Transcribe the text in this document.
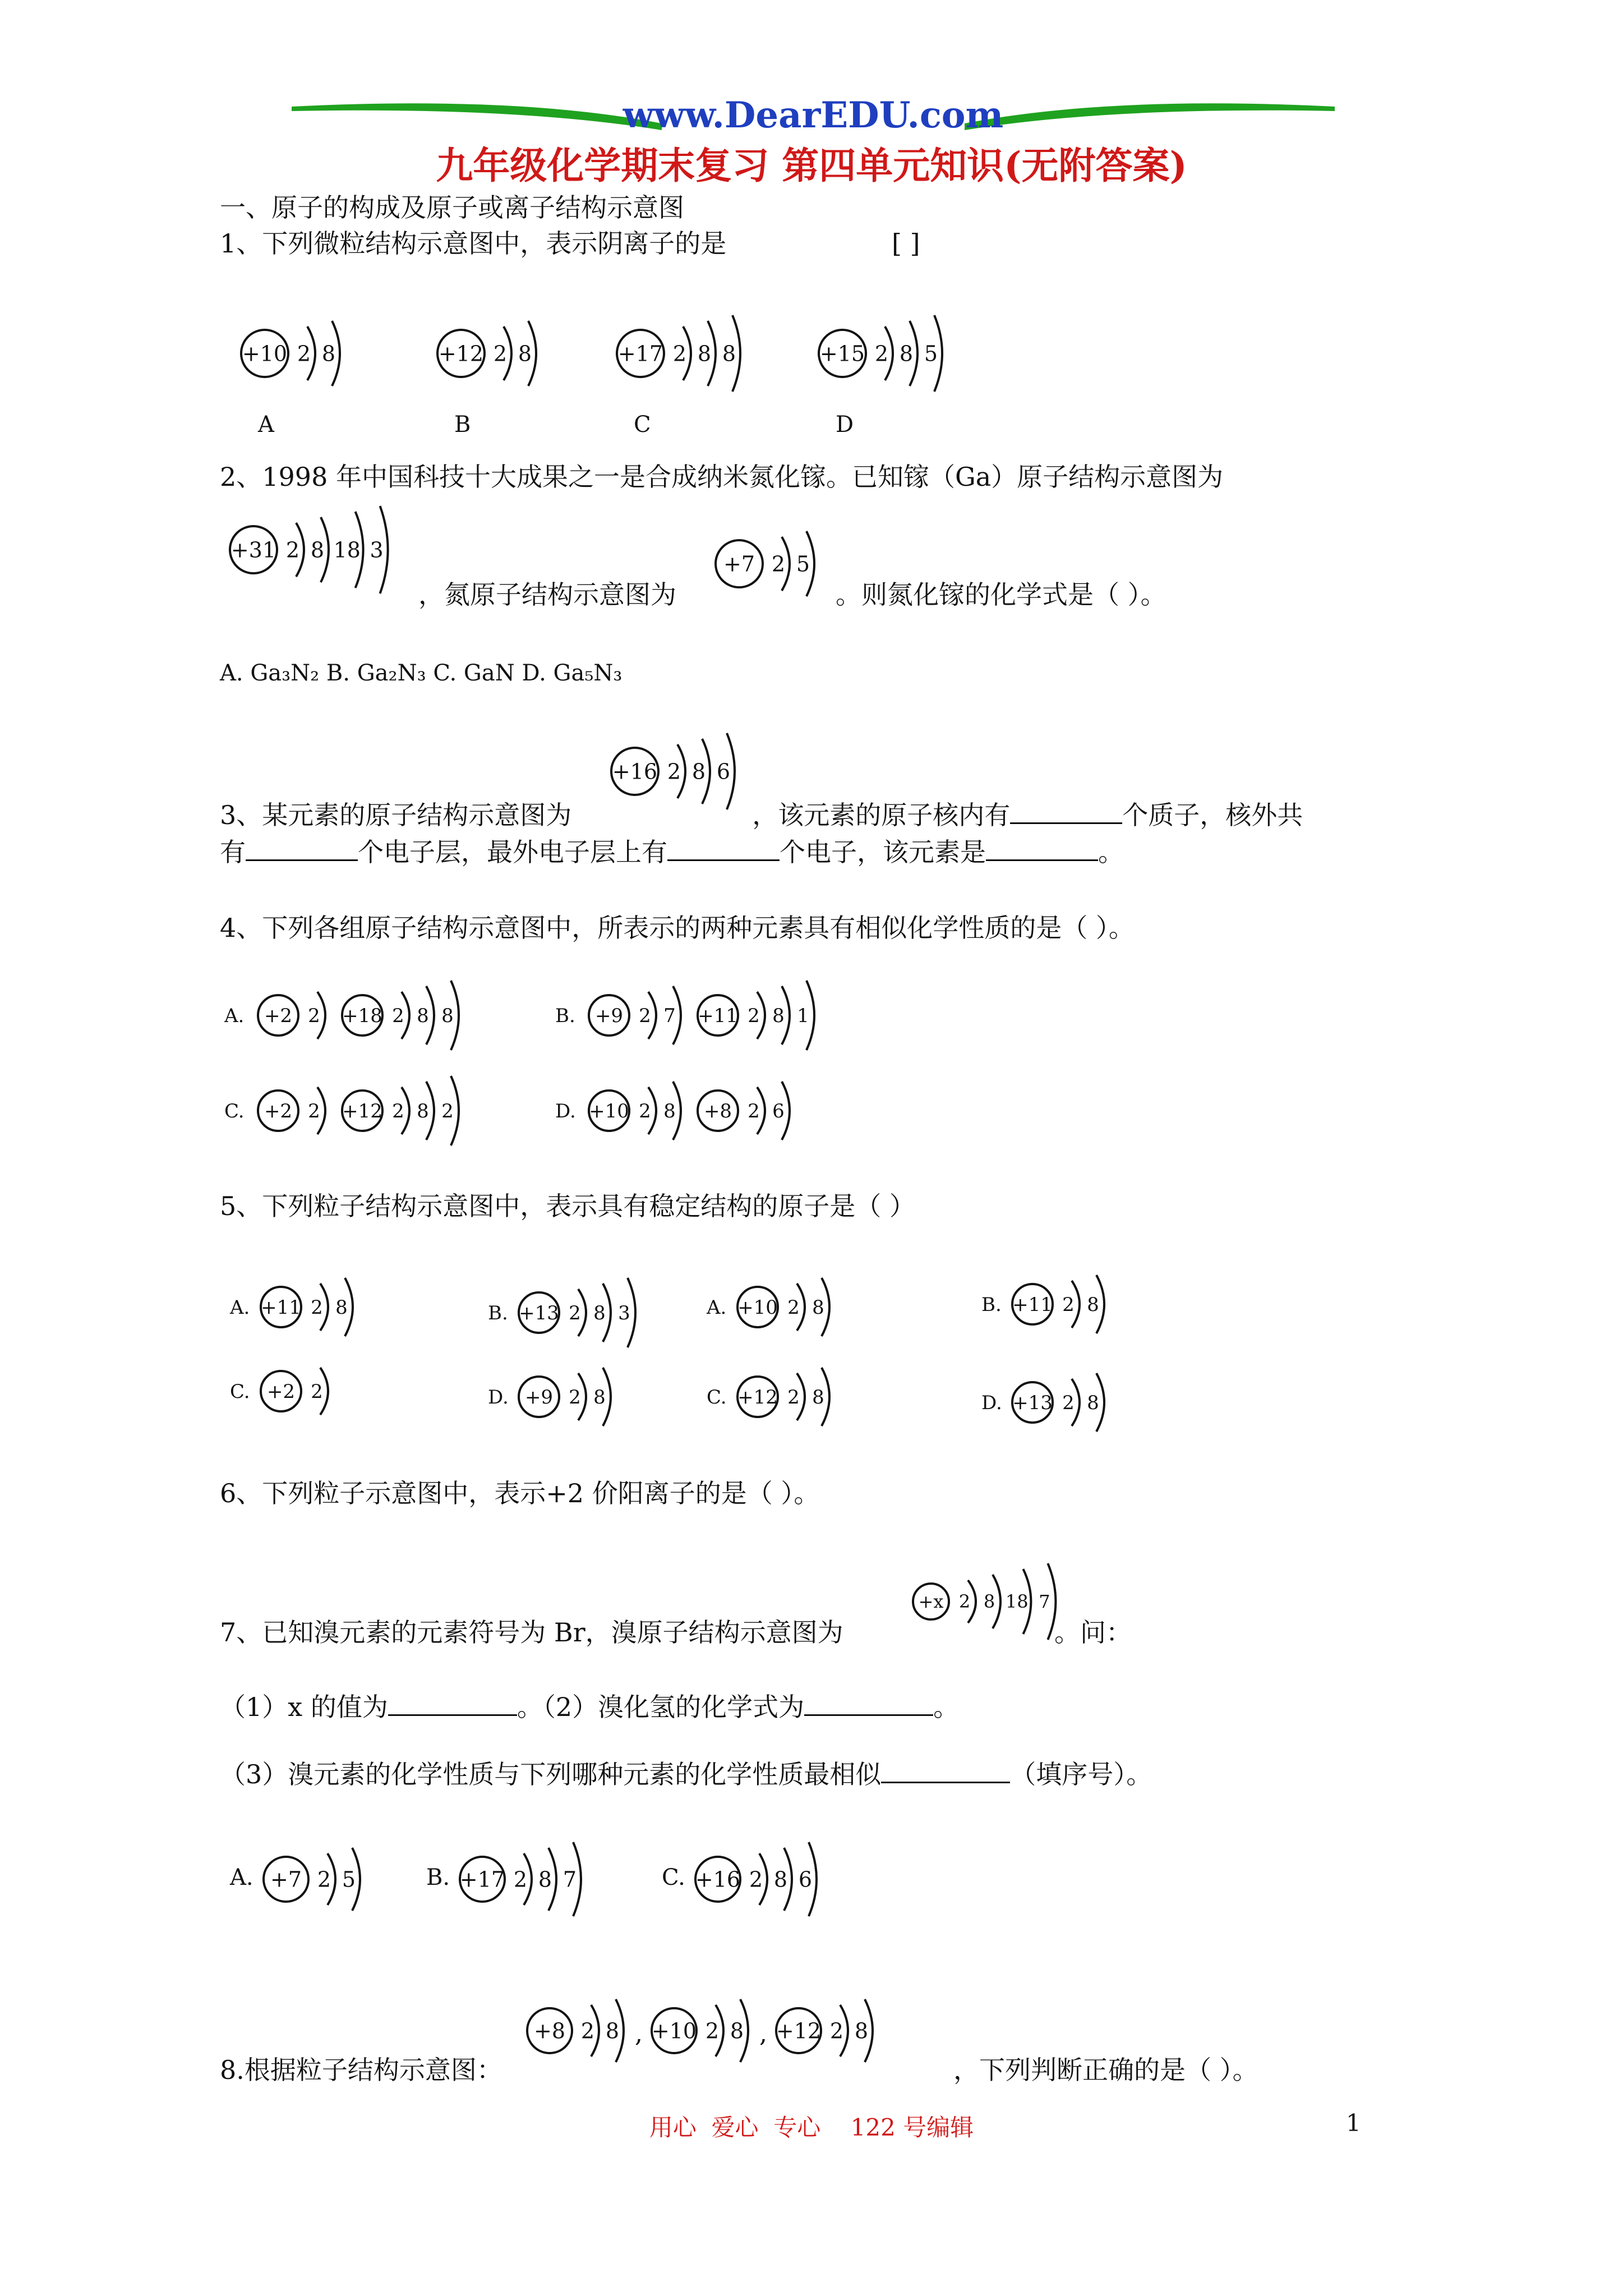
www.DearEDU.com
九年级化学期末复习 第四单元知识(无附答案)
一、原子的构成及原子或离子结构示意图
1、下列微粒结构示意图中，表示阴离子的是	[ ]
+10 2 8
A
+12 2 8
B
+17 2 8 8
C
+15 2 8 5
D
2、1998 年中国科技十大成果之一是合成纳米氮化镓。已知镓（Ga）原子结构示意图为
+31 2 8 18 3
，氮原子结构示意图为
+7 2 5
。则氮化镓的化学式是（ ）。
A. Ga₃N₂ B. Ga₂N₃ C. GaN D. Ga₅N₃
+16 2 8 6
3、某元素的原子结构示意图为	，该元素的原子核内有	个质子，核外共
有	个电子层，最外电子层上有	个电子，该元素是	。
4、下列各组原子结构示意图中，所表示的两种元素具有相似化学性质的是（ ）。
A. +2 2 +18 2 8 8	B. +9 2 7 +11 2 8 1
C. +2 2 +12 2 8 2	D. +10 2 8 +8 2 6
5、下列粒子结构示意图中，表示具有稳定结构的原子是（ ）
A. +11 2 8	B. +13 2 8 3
C. +2 2	D. +9 2 8
A. +10 2 8	B. +11 2 8
C. +12 2 8	D. +13 2 8
6、下列粒子示意图中，表示+2 价阳离子的是（ ）。
7、已知溴元素的元素符号为 Br，溴原子结构示意图为
+x 2 8 18 7
。问：
（1）x 的值为	。（2）溴化氢的化学式为	。
（3）溴元素的化学性质与下列哪种元素的化学性质最相似	（填序号）。
A. +7 2 5	B. +17 2 8 7	C. +16 2 8 6
8.根据粒子结构示意图：
+8 2 8 , +10 2 8 , +12 2 8
，下列判断正确的是（ ）。
用心  爱心  专心    122 号编辑	1
